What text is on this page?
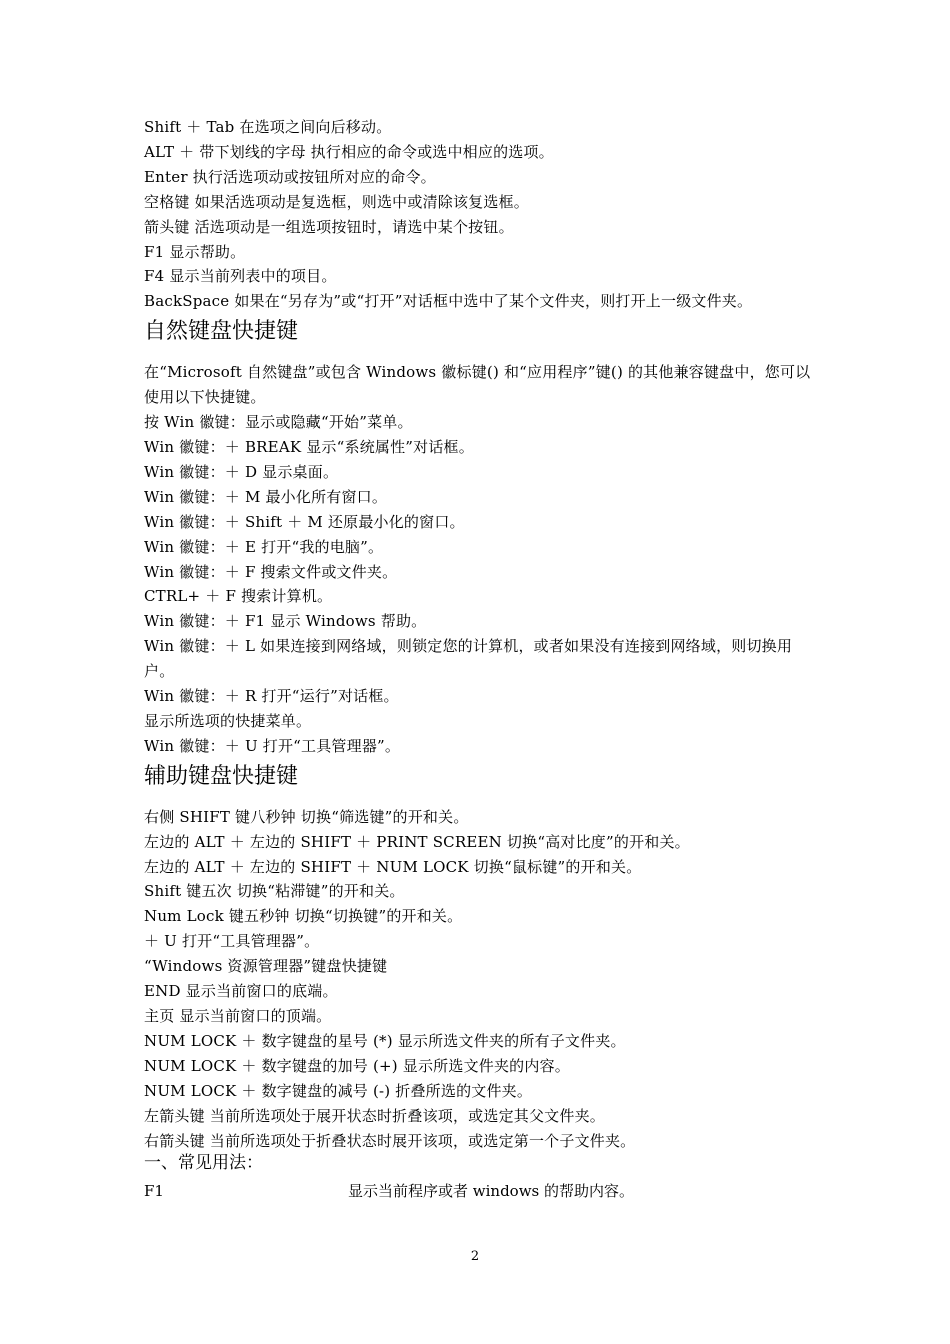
Shift ＋ Tab 在选项之间向后移动。
ALT ＋ 带下划线的字母 执行相应的命令或选中相应的选项。
Enter 执行活选项动或按钮所对应的命令。
空格键 如果活选项动是复选框，则选中或清除该复选框。
箭头键 活选项动是一组选项按钮时，请选中某个按钮。
F1 显示帮助。
F4 显示当前列表中的项目。
BackSpace 如果在“另存为”或“打开”对话框中选中了某个文件夹，则打开上一级文件夹。
自然键盘快捷键
在“Microsoft 自然键盘”或包含 Windows 徽标键() 和“应用程序”键() 的其他兼容键盘中，您可以使用以下快捷键。
按 Win 徽键：显示或隐藏“开始”菜单。
Win 徽键：＋ BREAK 显示“系统属性”对话框。
Win 徽键：＋ D 显示桌面。
Win 徽键：＋ M 最小化所有窗口。
Win 徽键：＋ Shift ＋ M 还原最小化的窗口。
Win 徽键：＋ E 打开“我的电脑”。
Win 徽键：＋ F 搜索文件或文件夹。
CTRL+ ＋ F 搜索计算机。
Win 徽键：＋ F1 显示 Windows 帮助。
Win 徽键：＋ L 如果连接到网络域，则锁定您的计算机，或者如果没有连接到网络域，则切换用户。
Win 徽键：＋ R 打开“运行”对话框。
显示所选项的快捷菜单。
Win 徽键：＋ U 打开“工具管理器”。
辅助键盘快捷键
右侧 SHIFT 键八秒钟 切换“筛选键”的开和关。
左边的 ALT ＋ 左边的 SHIFT ＋ PRINT SCREEN 切换“高对比度”的开和关。
左边的 ALT ＋ 左边的 SHIFT ＋ NUM LOCK 切换“鼠标键”的开和关。
Shift 键五次 切换“粘滞键”的开和关。
Num Lock 键五秒钟 切换“切换键”的开和关。
＋ U 打开“工具管理器”。
“Windows 资源管理器”键盘快捷键
END 显示当前窗口的底端。
主页 显示当前窗口的顶端。
NUM LOCK ＋ 数字键盘的星号 (*) 显示所选文件夹的所有子文件夹。
NUM LOCK ＋ 数字键盘的加号 (+) 显示所选文件夹的内容。
NUM LOCK ＋ 数字键盘的减号 (-) 折叠所选的文件夹。
左箭头键 当前所选项处于展开状态时折叠该项，或选定其父文件夹。
右箭头键 当前所选项处于折叠状态时展开该项，或选定第一个子文件夹。
一、常见用法：
F1	显示当前程序或者 windows 的帮助内容。
2
